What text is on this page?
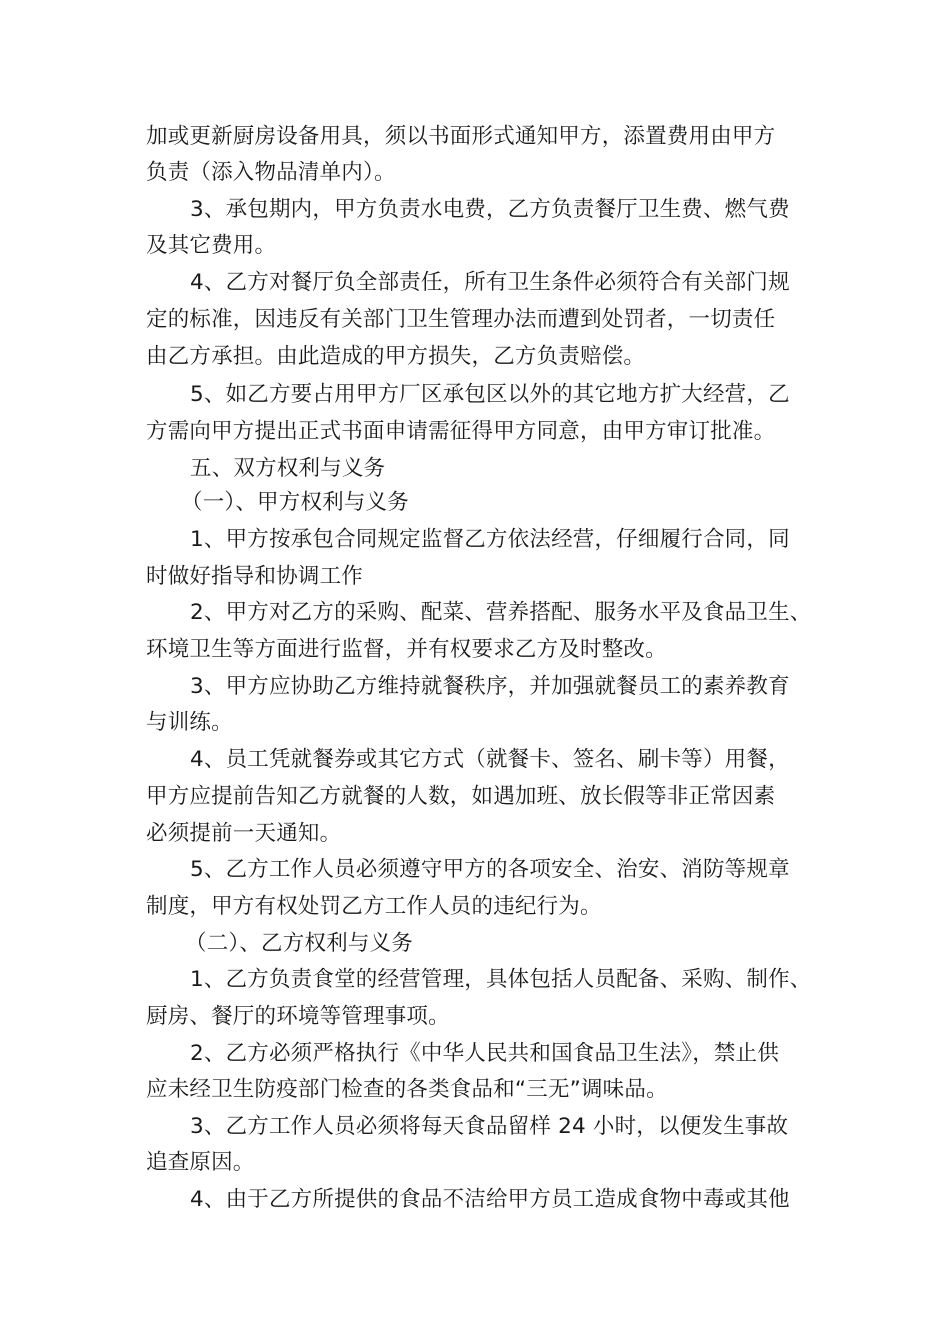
加或更新厨房设备用具，须以书面形式通知甲方，添置费用由甲方
负责（添入物品清单内）。
3、承包期内，甲方负责水电费，乙方负责餐厅卫生费、燃气费
及其它费用。
4、乙方对餐厅负全部责任，所有卫生条件必须符合有关部门规
定的标准，因违反有关部门卫生管理办法而遭到处罚者，一切责任
由乙方承担。由此造成的甲方损失，乙方负责赔偿。
5、如乙方要占用甲方厂区承包区以外的其它地方扩大经营，乙
方需向甲方提出正式书面申请需征得甲方同意，由甲方审订批准。
五、双方权利与义务
（一）、甲方权利与义务
1、甲方按承包合同规定监督乙方依法经营，仔细履行合同，同
时做好指导和协调工作
2、甲方对乙方的采购、配菜、营养搭配、服务水平及食品卫生、
环境卫生等方面进行监督，并有权要求乙方及时整改。
3、甲方应协助乙方维持就餐秩序，并加强就餐员工的素养教育
与训练。
4、员工凭就餐券或其它方式（就餐卡、签名、刷卡等）用餐，
甲方应提前告知乙方就餐的人数，如遇加班、放长假等非正常因素
必须提前一天通知。
5、乙方工作人员必须遵守甲方的各项安全、治安、消防等规章
制度，甲方有权处罚乙方工作人员的违纪行为。
（二）、乙方权利与义务
1、乙方负责食堂的经营管理，具体包括人员配备、采购、制作、
厨房、餐厅的环境等管理事项。
2、乙方必须严格执行《中华人民共和国食品卫生法》，禁止供
应未经卫生防疫部门检查的各类食品和“三无”调味品。
3、乙方工作人员必须将每天食品留样 24 小时，以便发生事故
追查原因。
4、由于乙方所提供的食品不洁给甲方员工造成食物中毒或其他
